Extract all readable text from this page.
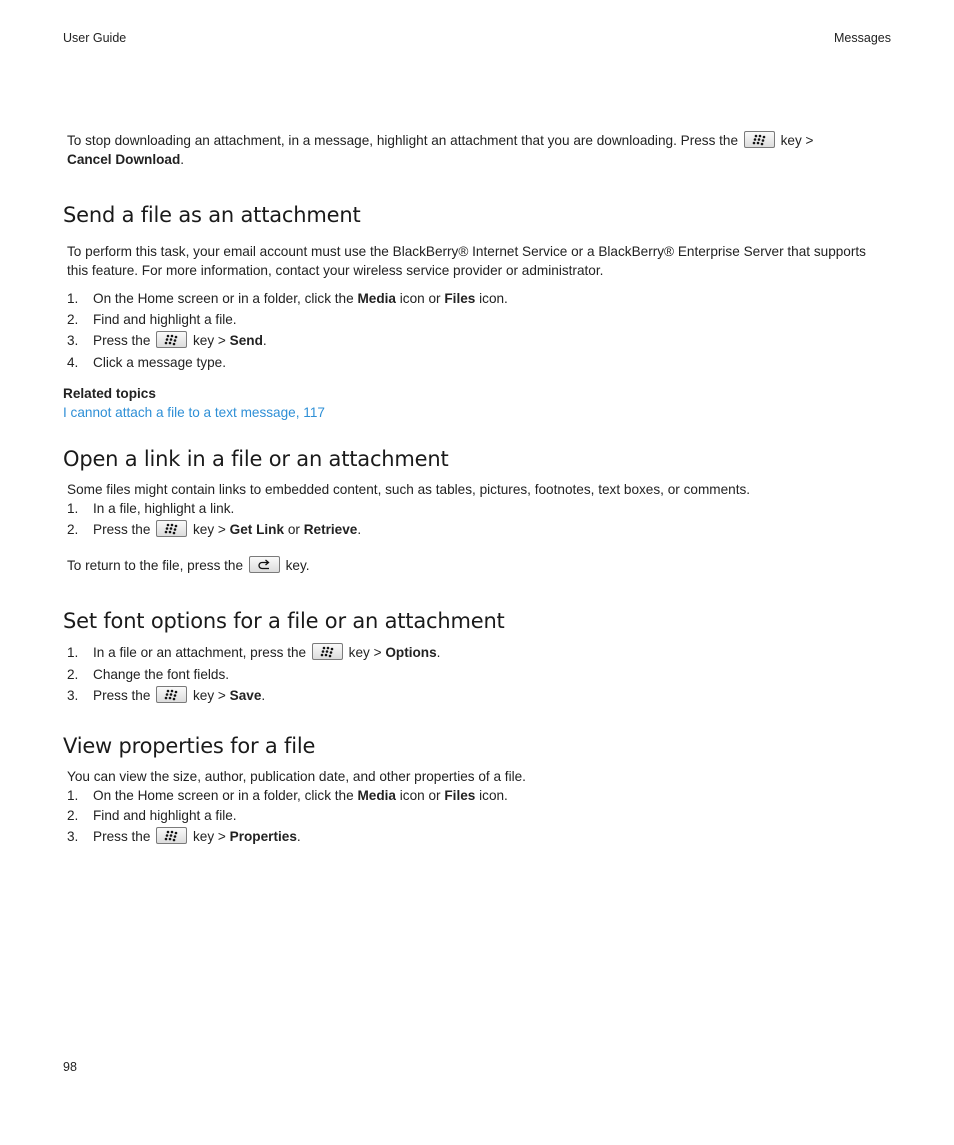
User Guide	Messages
To stop downloading an attachment, in a message, highlight an attachment that you are downloading. Press the	key >
Cancel Download.
Send a file as an attachment
To perform this task, your email account must use the BlackBerry® Internet Service or a BlackBerry® Enterprise Server that supports this feature. For more information, contact your wireless service provider or administrator.
1. On the Home screen or in a folder, click the Media icon or Files icon.
2. Find and highlight a file.
3. Press the	key > Send.
4. Click a message type.
Related topics
I cannot attach a file to a text message, 117
Open a link in a file or an attachment
Some files might contain links to embedded content, such as tables, pictures, footnotes, text boxes, or comments.
1. In a file, highlight a link.
2. Press the	key > Get Link or Retrieve.
To return to the file, press the	key.
Set font options for a file or an attachment
1. In a file or an attachment, press the	key > Options.
2. Change the font fields.
3. Press the	key > Save.
View properties for a file
You can view the size, author, publication date, and other properties of a file.
1. On the Home screen or in a folder, click the Media icon or Files icon.
2. Find and highlight a file.
3. Press the	key > Properties.
98
